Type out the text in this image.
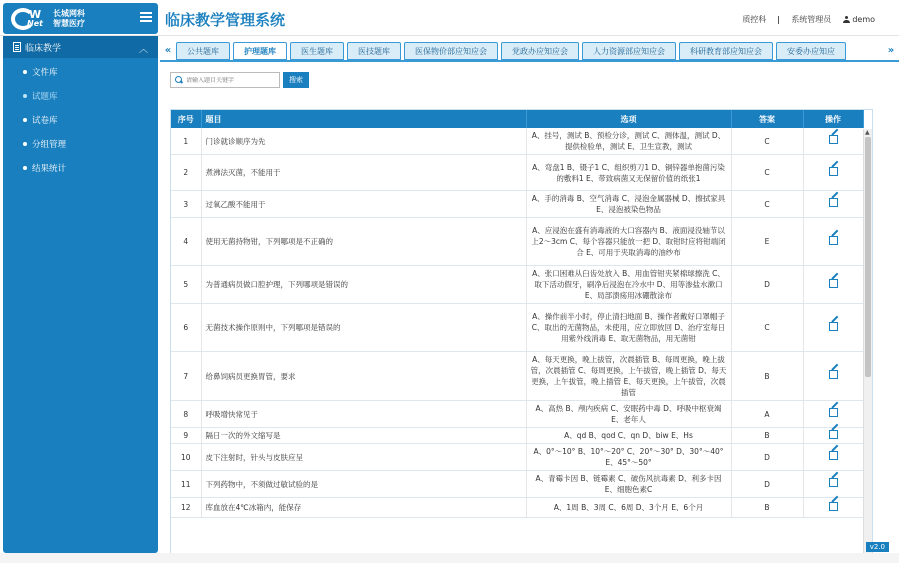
W
Net
长城网科
智慧医疗	临床教学管理系统	质控科	系统管理员	demo
临床教学	︿
文件库
试题库
试卷库
分组管理
结果统计
«	公共题库	护理题库	医生题库	医技题库	医保物价部应知应会	党政办应知应会	人力资源部应知应会	科研教育部应知应会	安委办应知应	»
请输入题目关键字
搜索
序号	题目	选项	答案	操作
1	门诊就诊顺序为先	A、挂号，测试 B、预检分诊，测试 C、测体温，测试 D、提供检验单，测试 E、卫生宣教，测试	C	
2	煮沸法灭菌，不能用于	A、弯盘1 B、镊子1 C、组织剪刀1 D、铜锌器单抱菌污染的敷料1 E、带致病菌又无保留价值的纸张1	C	
3	过氧乙酸不能用于	A、手的消毒 B、空气消毒 C、浸泡金属器械 D、擦拭家具 E、浸泡被染色物品	C	
4	使用无菌持物钳，下列哪项是不正确的	A、应浸泡在盛有消毒液的大口容器内 B、液面浸没轴节以上2～3cm C、每个容器只能放一把 D、取钳时应将钳端闭合 E、可用于夹取消毒的油纱布	E	
5	为普通病员做口腔护理，下列哪项是错误的	A、张口困难从臼齿处放入 B、用血管钳夹紧棉球擦洗 C、取下活动假牙，刷净后浸泡在冷水中 D、用等渗盐水漱口 E、局部溃疡用冰硼散涂布	D	
6	无菌技术操作原则中，下列哪项是错误的	A、操作前半小时，停止清扫地面 B、操作者戴好口罩帽子 C、取出的无菌物品，未使用，应立即放回 D、治疗室每日用紫外线消毒 E、取无菌物品，用无菌钳	C	
7	给鼻饲病员更换胃管，要求	A、每天更换，晚上拔管，次晨插管 B、每周更换，晚上拔管，次晨插管 C、每周更换，上午拔管，晚上插管 D、每天更换，上午拔管，晚上插管 E、每天更换，上午拔管，次晨插管	B	
8	呼吸增快常见于	A、高热 B、颅内疾病 C、安眠药中毒 D、呼吸中枢衰竭 E、老年人	A	
9	隔日一次的外文缩写是	A、qd B、qod C、qn D、biw E、Hs	B	
10	皮下注射时，针头与皮肤应呈	A、0°～10° B、10°～20° C、20°～30° D、30°～40° E、45°～50°	D	
11	下列药物中，不须做过敏试验的是	A、青霉卡因 B、链霉素 C、破伤风抗毒素 D、利多卡因 E、细胞色素C	D	
12	库血放在4℃冰箱内，能保存	A、1周 B、3周 C、6周 D、3个月 E、6个月	B	
▲
v2.0
